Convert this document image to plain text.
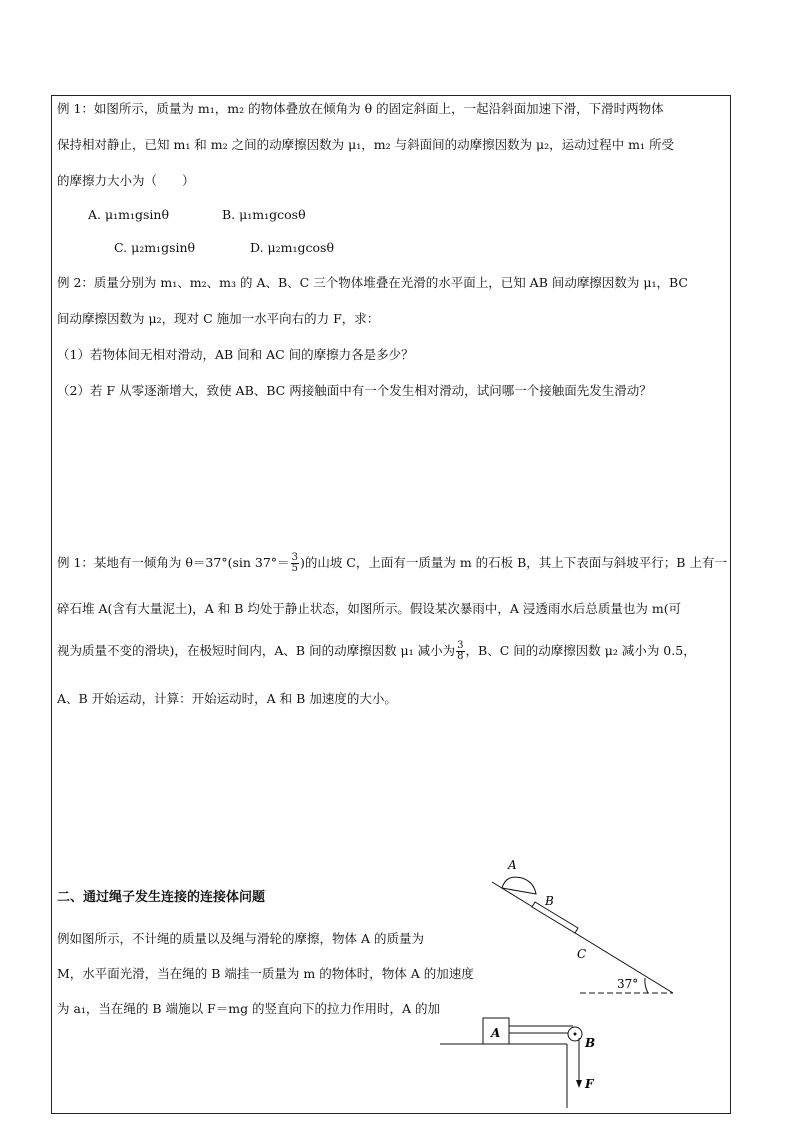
例 1：如图所示，质量为 m₁，m₂ 的物体叠放在倾角为 θ 的固定斜面上，一起沿斜面加速下滑，下滑时两物体
保持相对静止，已知 m₁ 和 m₂ 之间的动摩擦因数为 μ₁，m₂ 与斜面间的动摩擦因数为 μ₂，运动过程中 m₁ 所受
的摩擦力大小为（　　）
A. μ₁m₁gsinθ	B. μ₁m₁gcosθ
C. μ₂m₁gsinθ	D. μ₂m₁gcosθ
例 2：质量分别为 m₁、m₂、m₃ 的 A、B、C 三个物体堆叠在光滑的水平面上，已知 AB 间动摩擦因数为 μ₁，BC
间动摩擦因数为 μ₂，现对 C 施加一水平向右的力 F，求：
（1）若物体间无相对滑动，AB 间和 AC 间的摩擦力各是多少？
（2）若 F 从零逐渐增大，致使 AB、BC 两接触面中有一个发生相对滑动，试问哪一个接触面先发生滑动？
例 1：某地有一倾角为 θ＝37°(sin $37^\circ= \frac{3}{5}$ )的山坡 C，上面有一质量为 m 的石板 B，其上下表面与斜坡平行；B 上有一
碎石堆 A(含有大量泥土)，A 和 B 均处于静止状态，如图所示。假设某次暴雨中，A 浸透雨水后总质量也为 m(可
视为质量不变的滑块)，在极短时间内，A、B 间的动摩擦因数 μ₁ 减小为 $\frac{3}{8}$ ，B、C 间的动摩擦因数 μ₂ 减小为 0.5，
A、B 开始运动，计算：开始运动时，A 和 B 加速度的大小。
二、通过绳子发生连接的连接体问题
例如图所示，不计绳的质量以及绳与滑轮的摩擦，物体 A 的质量为
M，水平面光滑，当在绳的 B 端挂一质量为 m 的物体时，物体 A 的加速度
为 a₁，当在绳的 B 端施以 F＝mg 的竖直向下的拉力作用时，A 的加
A
B
C
37°
A
B
F
